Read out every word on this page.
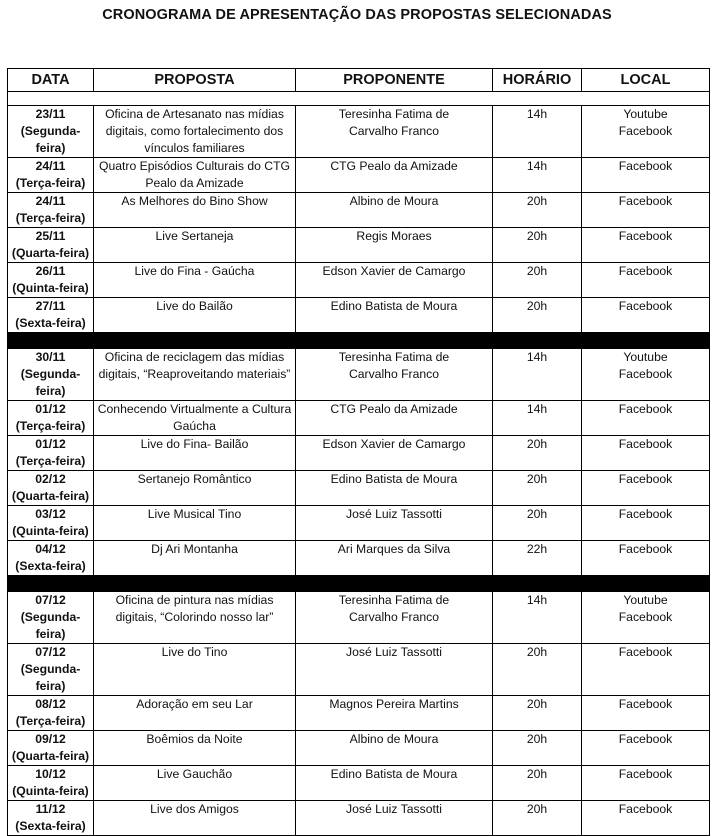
CRONOGRAMA DE APRESENTAÇÃO DAS PROPOSTAS SELECIONADAS
DATA	PROPOSTA	PROPONENTE	HORÁRIO	LOCAL

23/11
(Segunda-feira)	Oficina de Artesanato nas mídias digitais, como fortalecimento dos vínculos familiares	Teresinha Fatima de Carvalho Franco	14h	Youtube Facebook

24/11
(Terça-feira)	Quatro Episódios Culturais do CTG Pealo da Amizade	CTG Pealo da Amizade	14h	Facebook

24/11
(Terça-feira)	As Melhores do Bino Show	Albino de Moura	20h	Facebook

25/11
(Quarta-feira)	Live Sertaneja	Regis Moraes	20h	Facebook

26/11
(Quinta-feira)	Live do Fina - Gaúcha	Edson Xavier de Camargo	20h	Facebook

27/11
(Sexta-feira)	Live do Bailão	Edino Batista de Moura	20h	Facebook

30/11
(Segunda-feira)	Oficina de reciclagem das mídias digitais, “Reaproveitando materiais”	Teresinha Fatima de Carvalho Franco	14h	Youtube Facebook

01/12
(Terça-feira)	Conhecendo Virtualmente a Cultura Gaúcha	CTG Pealo da Amizade	14h	Facebook

01/12
(Terça-feira)	Live do Fina- Bailão	Edson Xavier de Camargo	20h	Facebook

02/12
(Quarta-feira)	Sertanejo Romântico	Edino Batista de Moura	20h	Facebook

03/12
(Quinta-feira)	Live Musical Tino	José Luiz Tassotti	20h	Facebook

04/12
(Sexta-feira)	Dj Ari Montanha	Ari Marques da Silva	22h	Facebook

07/12
(Segunda-feira)	Oficina de pintura nas mídias digitais, “Colorindo nosso lar”	Teresinha Fatima de Carvalho Franco	14h	Youtube Facebook

07/12
(Segunda-feira)	Live do Tino	José Luiz Tassotti	20h	Facebook

08/12
(Terça-feira)	Adoração em seu Lar	Magnos Pereira Martins	20h	Facebook

09/12
(Quarta-feira)	Boêmios da Noite	Albino de Moura	20h	Facebook

10/12
(Quinta-feira)	Live Gauchão	Edino Batista de Moura	20h	Facebook

11/12
(Sexta-feira)	Live dos Amigos	José Luiz Tassotti	20h	Facebook
